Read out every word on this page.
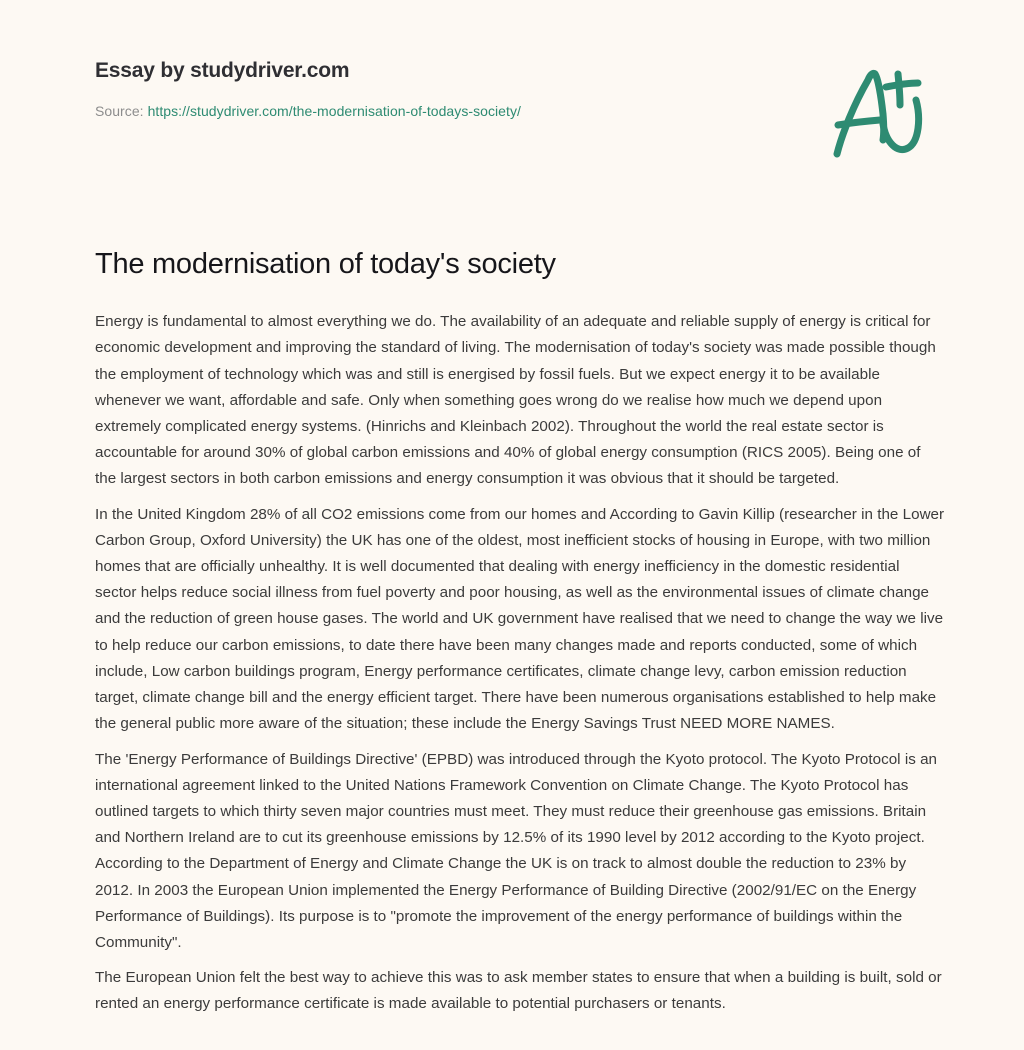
Essay by studydriver.com
Source: https://studydriver.com/the-modernisation-of-todays-society/
The modernisation of today's society

Energy is fundamental to almost everything we do. The availability of an adequate and reliable supply of energy is critical for economic development and improving the standard of living. The modernisation of today's society was made possible though the employment of technology which was and still is energised by fossil fuels. But we expect energy it to be available whenever we want, affordable and safe. Only when something goes wrong do we realise how much we depend upon extremely complicated energy systems. (Hinrichs and Kleinbach 2002). Throughout the world the real estate sector is accountable for around 30% of global carbon emissions and 40% of global energy consumption (RICS 2005). Being one of the largest sectors in both carbon emissions and energy consumption it was obvious that it should be targeted.

In the United Kingdom 28% of all CO2 emissions come from our homes and According to Gavin Killip (researcher in the Lower Carbon Group, Oxford University) the UK has one of the oldest, most inefficient stocks of housing in Europe, with two million homes that are officially unhealthy. It is well documented that dealing with energy inefficiency in the domestic residential sector helps reduce social illness from fuel poverty and poor housing, as well as the environmental issues of climate change and the reduction of green house gases. The world and UK government have realised that we need to change the way we live to help reduce our carbon emissions, to date there have been many changes made and reports conducted, some of which include, Low carbon buildings program, Energy performance certificates, climate change levy, carbon emission reduction target, climate change bill and the energy efficient target. There have been numerous organisations established to help make the general public more aware of the situation; these include the Energy Savings Trust NEED MORE NAMES.

The 'Energy Performance of Buildings Directive' (EPBD) was introduced through the Kyoto protocol. The Kyoto Protocol is an international agreement linked to the United Nations Framework Convention on Climate Change. The Kyoto Protocol has outlined targets to which thirty seven major countries must meet. They must reduce their greenhouse gas emissions. Britain and Northern Ireland are to cut its greenhouse emissions by 12.5% of its 1990 level by 2012 according to the Kyoto project. According to the Department of Energy and Climate Change the UK is on track to almost double the reduction to 23% by 2012. In 2003 the European Union implemented the Energy Performance of Building Directive (2002/91/EC on the Energy Performance of Buildings). Its purpose is to "promote the improvement of the energy performance of buildings within the Community".

The European Union felt the best way to achieve this was to ask member states to ensure that when a building is built, sold or rented an energy performance certificate is made available to potential purchasers or tenants.
